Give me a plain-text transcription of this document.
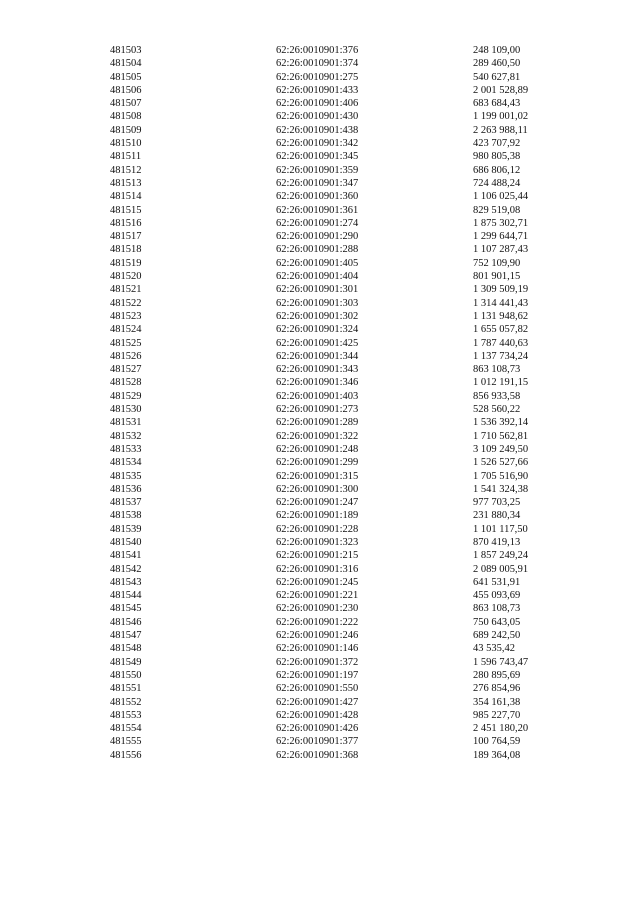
481503	62:26:0010901:376	248 109,00
481504	62:26:0010901:374	289 460,50
481505	62:26:0010901:275	540 627,81
481506	62:26:0010901:433	2 001 528,89
481507	62:26:0010901:406	683 684,43
481508	62:26:0010901:430	1 199 001,02
481509	62:26:0010901:438	2 263 988,11
481510	62:26:0010901:342	423 707,92
481511	62:26:0010901:345	980 805,38
481512	62:26:0010901:359	686 806,12
481513	62:26:0010901:347	724 488,24
481514	62:26:0010901:360	1 106 025,44
481515	62:26:0010901:361	829 519,08
481516	62:26:0010901:274	1 875 302,71
481517	62:26:0010901:290	1 299 644,71
481518	62:26:0010901:288	1 107 287,43
481519	62:26:0010901:405	752 109,90
481520	62:26:0010901:404	801 901,15
481521	62:26:0010901:301	1 309 509,19
481522	62:26:0010901:303	1 314 441,43
481523	62:26:0010901:302	1 131 948,62
481524	62:26:0010901:324	1 655 057,82
481525	62:26:0010901:425	1 787 440,63
481526	62:26:0010901:344	1 137 734,24
481527	62:26:0010901:343	863 108,73
481528	62:26:0010901:346	1 012 191,15
481529	62:26:0010901:403	856 933,58
481530	62:26:0010901:273	528 560,22
481531	62:26:0010901:289	1 536 392,14
481532	62:26:0010901:322	1 710 562,81
481533	62:26:0010901:248	3 109 249,50
481534	62:26:0010901:299	1 526 527,66
481535	62:26:0010901:315	1 705 516,90
481536	62:26:0010901:300	1 541 324,38
481537	62:26:0010901:247	977 703,25
481538	62:26:0010901:189	231 880,34
481539	62:26:0010901:228	1 101 117,50
481540	62:26:0010901:323	870 419,13
481541	62:26:0010901:215	1 857 249,24
481542	62:26:0010901:316	2 089 005,91
481543	62:26:0010901:245	641 531,91
481544	62:26:0010901:221	455 093,69
481545	62:26:0010901:230	863 108,73
481546	62:26:0010901:222	750 643,05
481547	62:26:0010901:246	689 242,50
481548	62:26:0010901:146	43 535,42
481549	62:26:0010901:372	1 596 743,47
481550	62:26:0010901:197	280 895,69
481551	62:26:0010901:550	276 854,96
481552	62:26:0010901:427	354 161,38
481553	62:26:0010901:428	985 227,70
481554	62:26:0010901:426	2 451 180,20
481555	62:26:0010901:377	100 764,59
481556	62:26:0010901:368	189 364,08
